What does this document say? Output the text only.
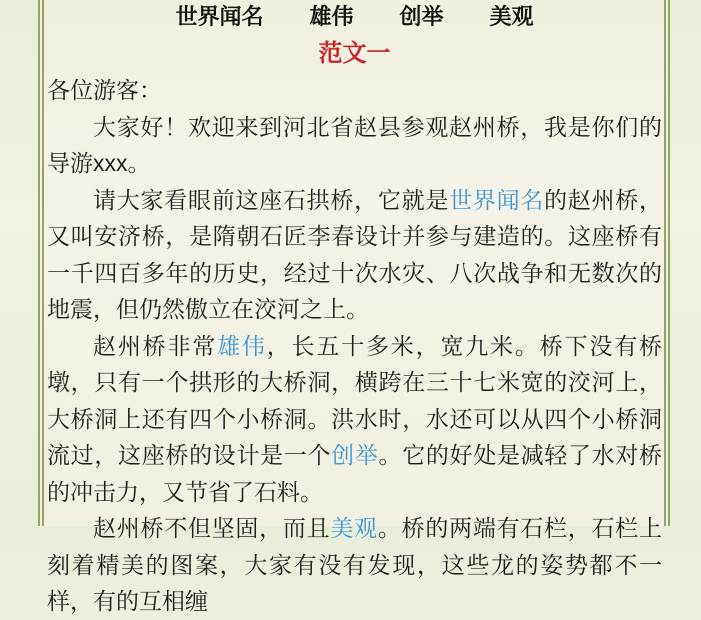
世界闻名 雄伟 创举 美观
范文一
各位游客：

大家好！欢迎来到河北省赵县参观赵州桥，我是你们的导游xxx。

请大家看眼前这座石拱桥，它就是世界闻名的赵州桥，又叫安济桥，是隋朝石匠李春设计并参与建造的。这座桥有一千四百多年的历史，经过十次水灾、八次战争和无数次的地震，但仍然傲立在洨河之上。

赵州桥非常雄伟，长五十多米，宽九米。桥下没有桥墩，只有一个拱形的大桥洞，横跨在三十七米宽的洨河上，大桥洞上还有四个小桥洞。洪水时，水还可以从四个小桥洞流过，这座桥的设计是一个创举。它的好处是减轻了水对桥的冲击力，又节省了石料。

赵州桥不但坚固，而且美观。桥的两端有石栏，石栏上刻着精美的图案，大家有没有发现，这些龙的姿势都不一样，有的互相缠
